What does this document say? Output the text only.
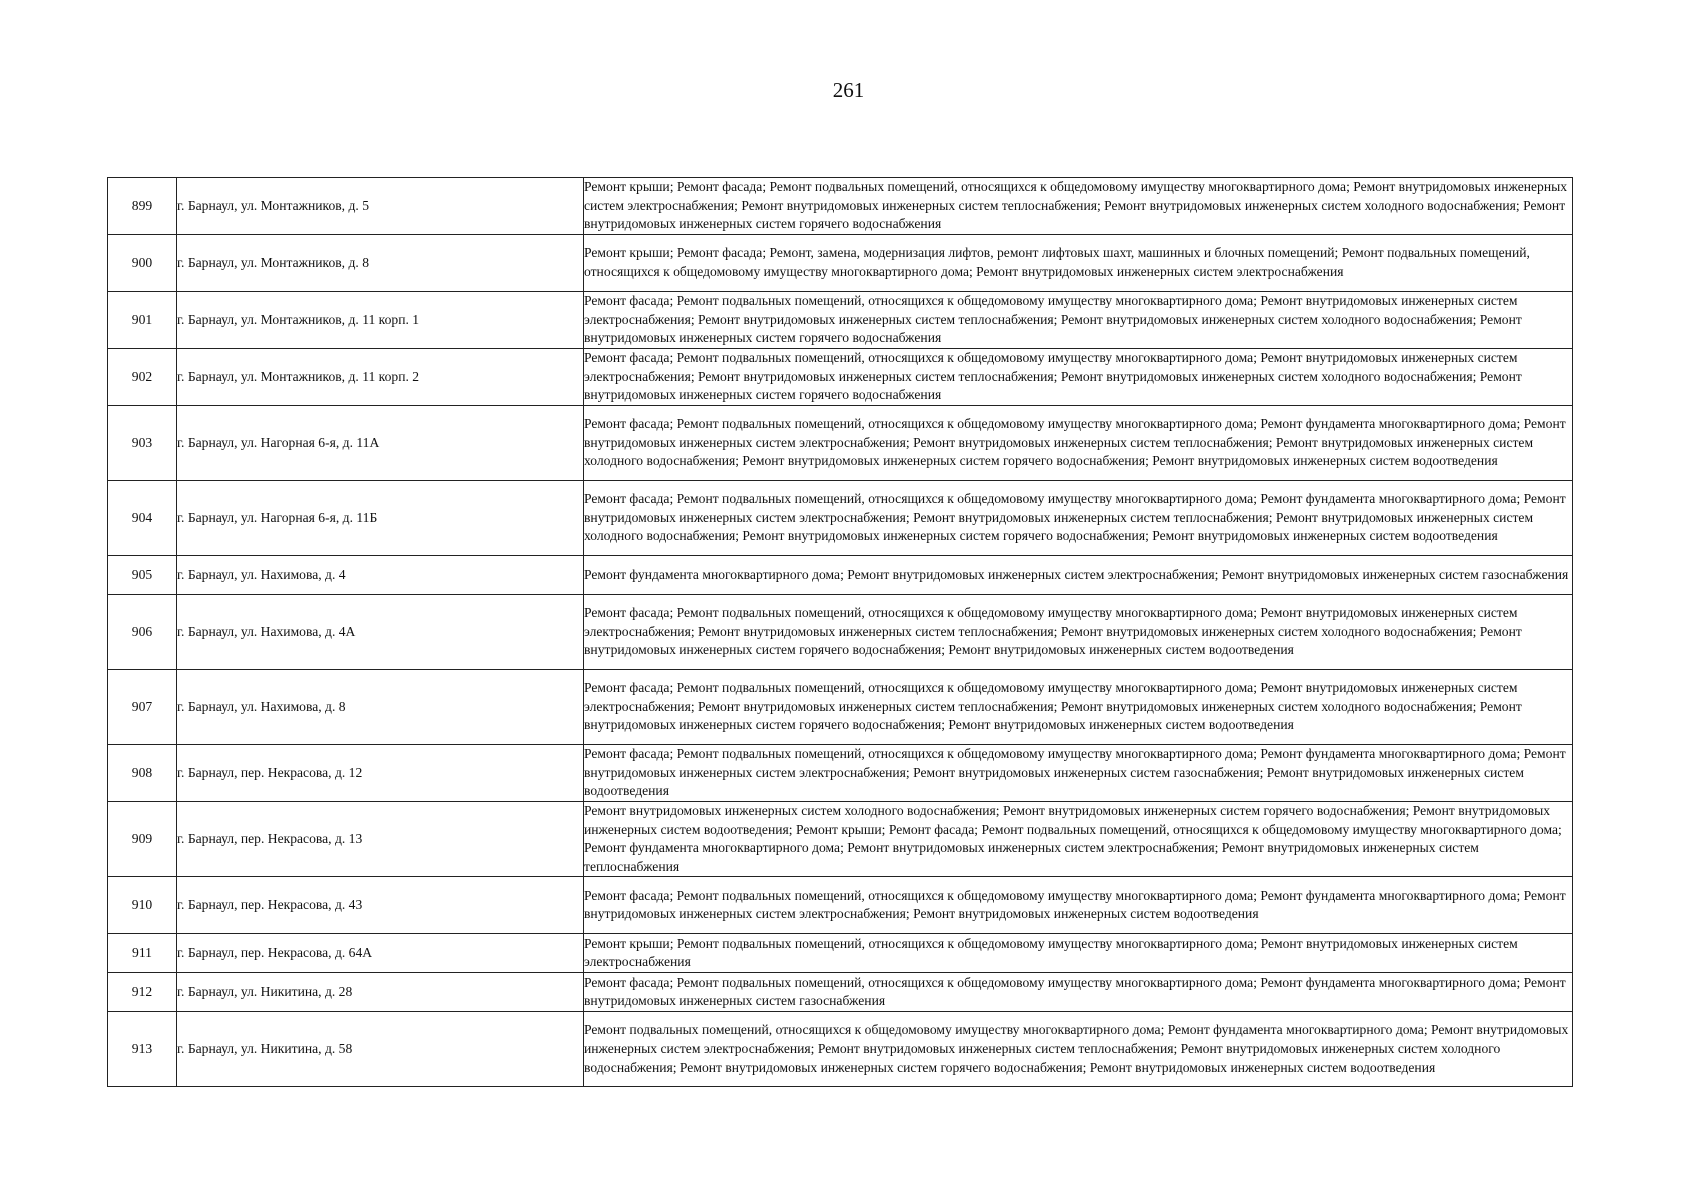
261
899	г. Барнаул, ул. Монтажников, д. 5	Ремонт крыши; Ремонт фасада; Ремонт подвальных помещений, относящихся к общедомовому имуществу многоквартирного дома; Ремонт внутридомовых инженерных систем электроснабжения; Ремонт внутридомовых инженерных систем теплоснабжения; Ремонт внутридомовых инженерных систем холодного водоснабжения; Ремонт внутридомовых инженерных систем горячего водоснабжения
900	г. Барнаул, ул. Монтажников, д. 8	Ремонт крыши; Ремонт фасада; Ремонт, замена, модернизация лифтов, ремонт лифтовых шахт, машинных и блочных помещений; Ремонт подвальных помещений, относящихся к общедомовому имуществу многоквартирного дома; Ремонт внутридомовых инженерных систем электроснабжения
901	г. Барнаул, ул. Монтажников, д. 11 корп. 1	Ремонт фасада; Ремонт подвальных помещений, относящихся к общедомовому имуществу многоквартирного дома; Ремонт внутридомовых инженерных систем электроснабжения; Ремонт внутридомовых инженерных систем теплоснабжения; Ремонт внутридомовых инженерных систем холодного водоснабжения; Ремонт внутридомовых инженерных систем горячего водоснабжения
902	г. Барнаул, ул. Монтажников, д. 11 корп. 2	Ремонт фасада; Ремонт подвальных помещений, относящихся к общедомовому имуществу многоквартирного дома; Ремонт внутридомовых инженерных систем электроснабжения; Ремонт внутридомовых инженерных систем теплоснабжения; Ремонт внутридомовых инженерных систем холодного водоснабжения; Ремонт внутридомовых инженерных систем горячего водоснабжения
903	г. Барнаул, ул. Нагорная 6-я, д. 11А	Ремонт фасада; Ремонт подвальных помещений, относящихся к общедомовому имуществу многоквартирного дома; Ремонт фундамента многоквартирного дома; Ремонт внутридомовых инженерных систем электроснабжения; Ремонт внутридомовых инженерных систем теплоснабжения; Ремонт внутридомовых инженерных систем холодного водоснабжения; Ремонт внутридомовых инженерных систем горячего водоснабжения; Ремонт внутридомовых инженерных систем водоотведения
904	г. Барнаул, ул. Нагорная 6-я, д. 11Б	Ремонт фасада; Ремонт подвальных помещений, относящихся к общедомовому имуществу многоквартирного дома; Ремонт фундамента многоквартирного дома; Ремонт внутридомовых инженерных систем электроснабжения; Ремонт внутридомовых инженерных систем теплоснабжения; Ремонт внутридомовых инженерных систем холодного водоснабжения; Ремонт внутридомовых инженерных систем горячего водоснабжения; Ремонт внутридомовых инженерных систем водоотведения
905	г. Барнаул, ул. Нахимова, д. 4	Ремонт фундамента многоквартирного дома; Ремонт внутридомовых инженерных систем электроснабжения; Ремонт внутридомовых инженерных систем газоснабжения
906	г. Барнаул, ул. Нахимова, д. 4А	Ремонт фасада; Ремонт подвальных помещений, относящихся к общедомовому имуществу многоквартирного дома; Ремонт внутридомовых инженерных систем электроснабжения; Ремонт внутридомовых инженерных систем теплоснабжения; Ремонт внутридомовых инженерных систем холодного водоснабжения; Ремонт внутридомовых инженерных систем горячего водоснабжения; Ремонт внутридомовых инженерных систем водоотведения
907	г. Барнаул, ул. Нахимова, д. 8	Ремонт фасада; Ремонт подвальных помещений, относящихся к общедомовому имуществу многоквартирного дома; Ремонт внутридомовых инженерных систем электроснабжения; Ремонт внутридомовых инженерных систем теплоснабжения; Ремонт внутридомовых инженерных систем холодного водоснабжения; Ремонт внутридомовых инженерных систем горячего водоснабжения; Ремонт внутридомовых инженерных систем водоотведения
908	г. Барнаул, пер. Некрасова, д. 12	Ремонт фасада; Ремонт подвальных помещений, относящихся к общедомовому имуществу многоквартирного дома; Ремонт фундамента многоквартирного дома; Ремонт внутридомовых инженерных систем электроснабжения; Ремонт внутридомовых инженерных систем газоснабжения; Ремонт внутридомовых инженерных систем водоотведения
909	г. Барнаул, пер. Некрасова, д. 13	Ремонт внутридомовых инженерных систем холодного водоснабжения; Ремонт внутридомовых инженерных систем горячего водоснабжения; Ремонт внутридомовых инженерных систем водоотведения; Ремонт крыши; Ремонт фасада; Ремонт подвальных помещений, относящихся к общедомовому имуществу многоквартирного дома; Ремонт фундамента многоквартирного дома; Ремонт внутридомовых инженерных систем электроснабжения; Ремонт внутридомовых инженерных систем теплоснабжения
910	г. Барнаул, пер. Некрасова, д. 43	Ремонт фасада; Ремонт подвальных помещений, относящихся к общедомовому имуществу многоквартирного дома; Ремонт фундамента многоквартирного дома; Ремонт внутридомовых инженерных систем электроснабжения; Ремонт внутридомовых инженерных систем водоотведения
911	г. Барнаул, пер. Некрасова, д. 64А	Ремонт крыши; Ремонт подвальных помещений, относящихся к общедомовому имуществу многоквартирного дома; Ремонт внутридомовых инженерных систем электроснабжения
912	г. Барнаул, ул. Никитина, д. 28	Ремонт фасада; Ремонт подвальных помещений, относящихся к общедомовому имуществу многоквартирного дома; Ремонт фундамента многоквартирного дома; Ремонт внутридомовых инженерных систем газоснабжения
913	г. Барнаул, ул. Никитина, д. 58	Ремонт подвальных помещений, относящихся к общедомовому имуществу многоквартирного дома; Ремонт фундамента многоквартирного дома; Ремонт внутридомовых инженерных систем электроснабжения; Ремонт внутридомовых инженерных систем теплоснабжения; Ремонт внутридомовых инженерных систем холодного водоснабжения; Ремонт внутридомовых инженерных систем горячего водоснабжения; Ремонт внутридомовых инженерных систем водоотведения
